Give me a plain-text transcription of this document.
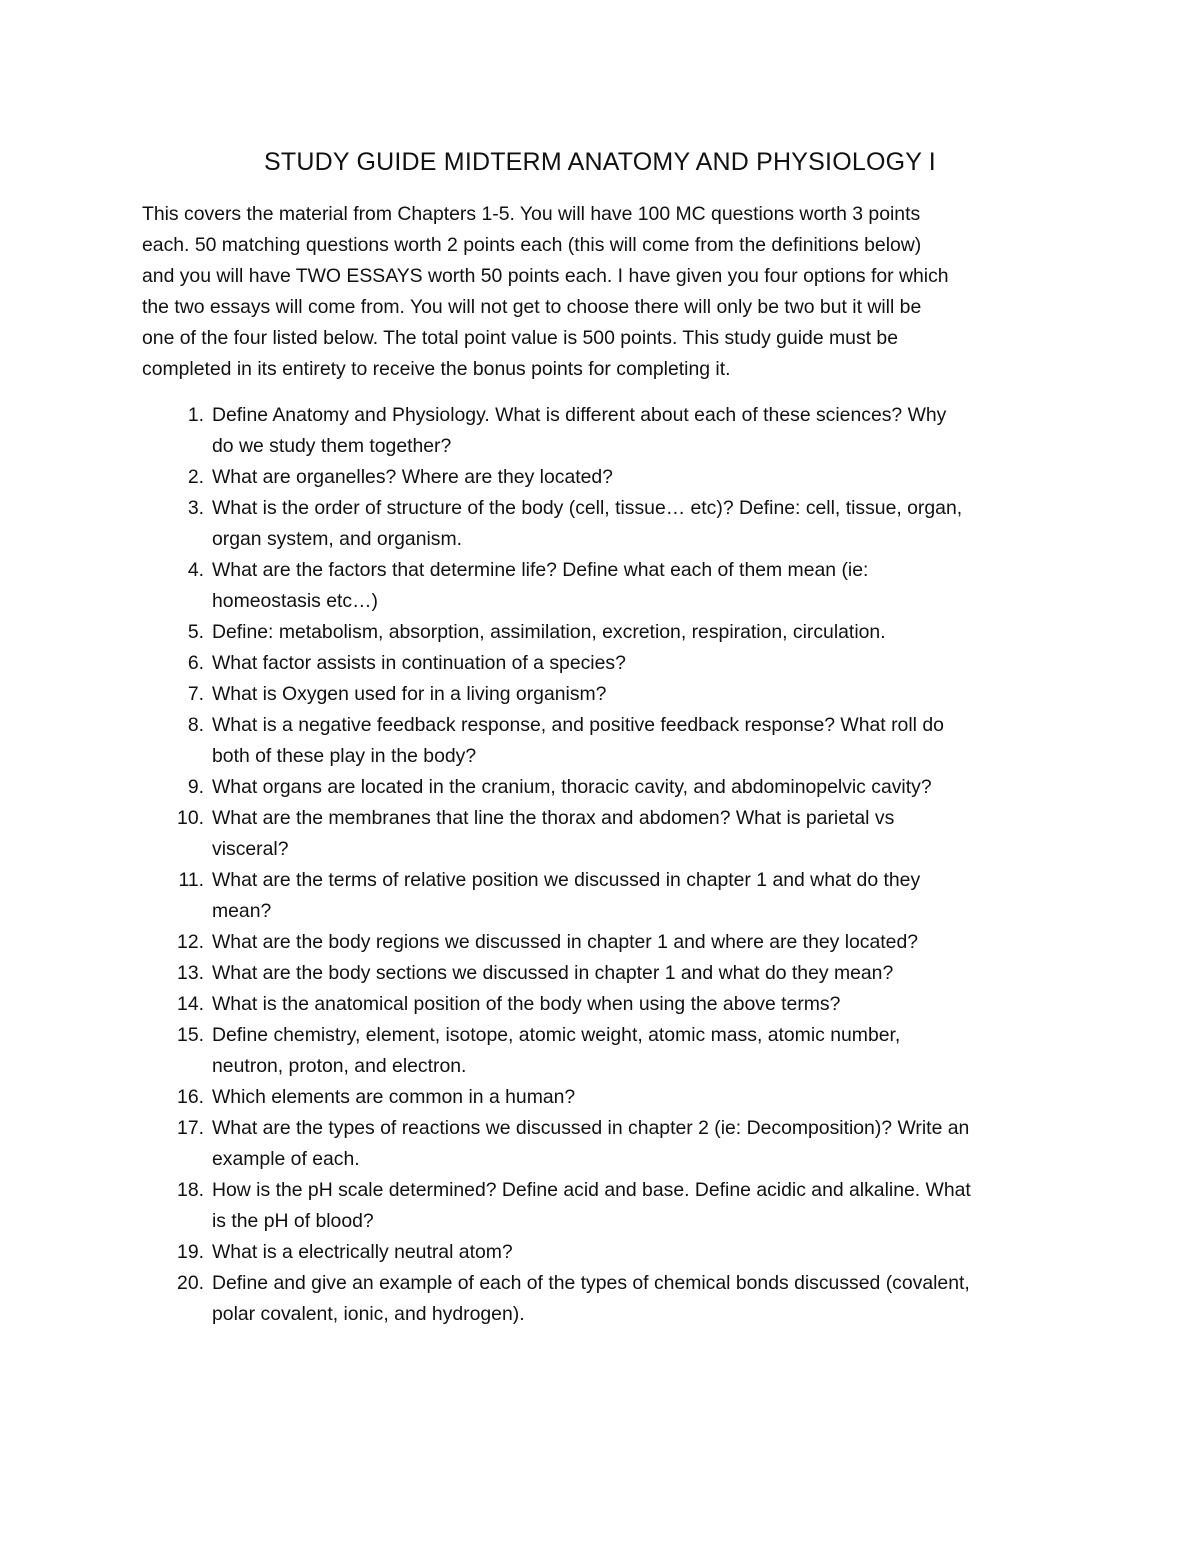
STUDY GUIDE MIDTERM ANATOMY AND PHYSIOLOGY I

This covers the material from Chapters 1-5. You will have 100 MC questions worth 3 points
each. 50 matching questions worth 2 points each (this will come from the definitions below)
and you will have TWO ESSAYS worth 50 points each. I have given you four options for which
the two essays will come from. You will not get to choose there will only be two but it will be
one of the four listed below. The total point value is 500 points. This study guide must be
completed in its entirety to receive the bonus points for completing it.

1. Define Anatomy and Physiology. What is different about each of these sciences? Why
do we study them together?
2. What are organelles? Where are they located?
3. What is the order of structure of the body (cell, tissue… etc)? Define: cell, tissue, organ,
organ system, and organism.
4. What are the factors that determine life? Define what each of them mean (ie:
homeostasis etc…)
5. Define: metabolism, absorption, assimilation, excretion, respiration, circulation.
6. What factor assists in continuation of a species?
7. What is Oxygen used for in a living organism?
8. What is a negative feedback response, and positive feedback response? What roll do
both of these play in the body?
9. What organs are located in the cranium, thoracic cavity, and abdominopelvic cavity?
10. What are the membranes that line the thorax and abdomen? What is parietal vs
visceral?
11. What are the terms of relative position we discussed in chapter 1 and what do they
mean?
12. What are the body regions we discussed in chapter 1 and where are they located?
13. What are the body sections we discussed in chapter 1 and what do they mean?
14. What is the anatomical position of the body when using the above terms?
15. Define chemistry, element, isotope, atomic weight, atomic mass, atomic number,
neutron, proton, and electron.
16. Which elements are common in a human?
17. What are the types of reactions we discussed in chapter 2 (ie: Decomposition)? Write an
example of each.
18. How is the pH scale determined? Define acid and base. Define acidic and alkaline. What
is the pH of blood?
19. What is a electrically neutral atom?
20. Define and give an example of each of the types of chemical bonds discussed (covalent,
polar covalent, ionic, and hydrogen).
